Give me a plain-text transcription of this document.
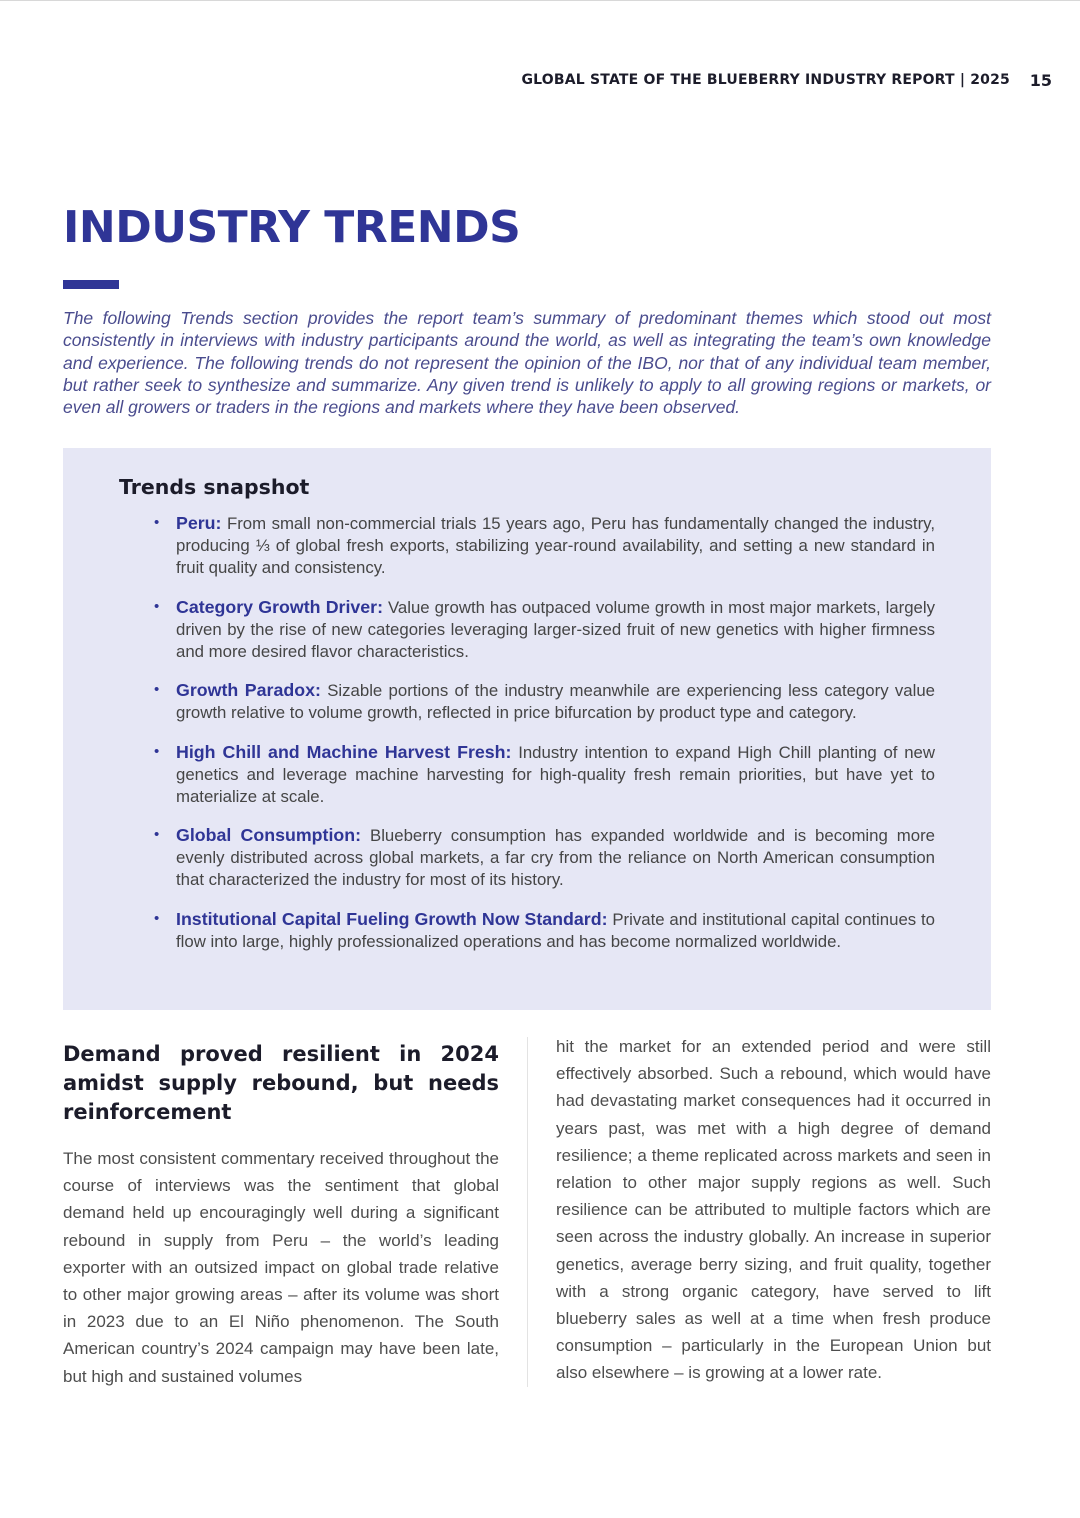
GLOBAL STATE OF THE BLUEBERRY INDUSTRY REPORT | 2025 15
INDUSTRY TRENDS

The following Trends section provides the report team’s summary of predominant themes which stood out most consistently in interviews with industry participants around the world, as well as integrating the team’s own knowledge and experience. The following trends do not represent the opinion of the IBO, nor that of any individual team member, but rather seek to synthesize and summarize. Any given trend is unlikely to apply to all growing regions or markets, or even all growers or traders in the regions and markets where they have been observed.

Trends snapshot
• Peru: From small non-commercial trials 15 years ago, Peru has fundamentally changed the industry, producing ⅓ of global fresh exports, stabilizing year-round availability, and setting a new standard in fruit quality and consistency.
• Category Growth Driver: Value growth has outpaced volume growth in most major markets, largely driven by the rise of new categories leveraging larger-sized fruit of new genetics with higher firmness and more desired flavor characteristics.
• Growth Paradox: Sizable portions of the industry meanwhile are experiencing less category value growth relative to volume growth, reflected in price bifurcation by product type and category.
• High Chill and Machine Harvest Fresh: Industry intention to expand High Chill planting of new genetics and leverage machine harvesting for high-quality fresh remain priorities, but have yet to materialize at scale.
• Global Consumption: Blueberry consumption has expanded worldwide and is becoming more evenly distributed across global markets, a far cry from the reliance on North American consumption that characterized the industry for most of its history.
• Institutional Capital Fueling Growth Now Standard: Private and institutional capital continues to flow into large, highly professionalized operations and has become normalized worldwide.
Demand proved resilient in 2024 amidst supply rebound, but needs reinforcement

The most consistent commentary received throughout the course of interviews was the sentiment that global demand held up encouragingly well during a significant rebound in supply from Peru – the world’s leading exporter with an outsized impact on global trade relative to other major growing areas – after its volume was short in 2023 due to an El Niño phenomenon. The South American country’s 2024 campaign may have been late, but high and sustained volumes

hit the market for an extended period and were still effectively absorbed. Such a rebound, which would have had devastating market consequences had it occurred in years past, was met with a high degree of demand resilience; a theme replicated across markets and seen in relation to other major supply regions as well. Such resilience can be attributed to multiple factors which are seen across the industry globally. An increase in superior genetics, average berry sizing, and fruit quality, together with a strong organic category, have served to lift blueberry sales as well at a time when fresh produce consumption – particularly in the European Union but also elsewhere – is growing at a lower rate.
